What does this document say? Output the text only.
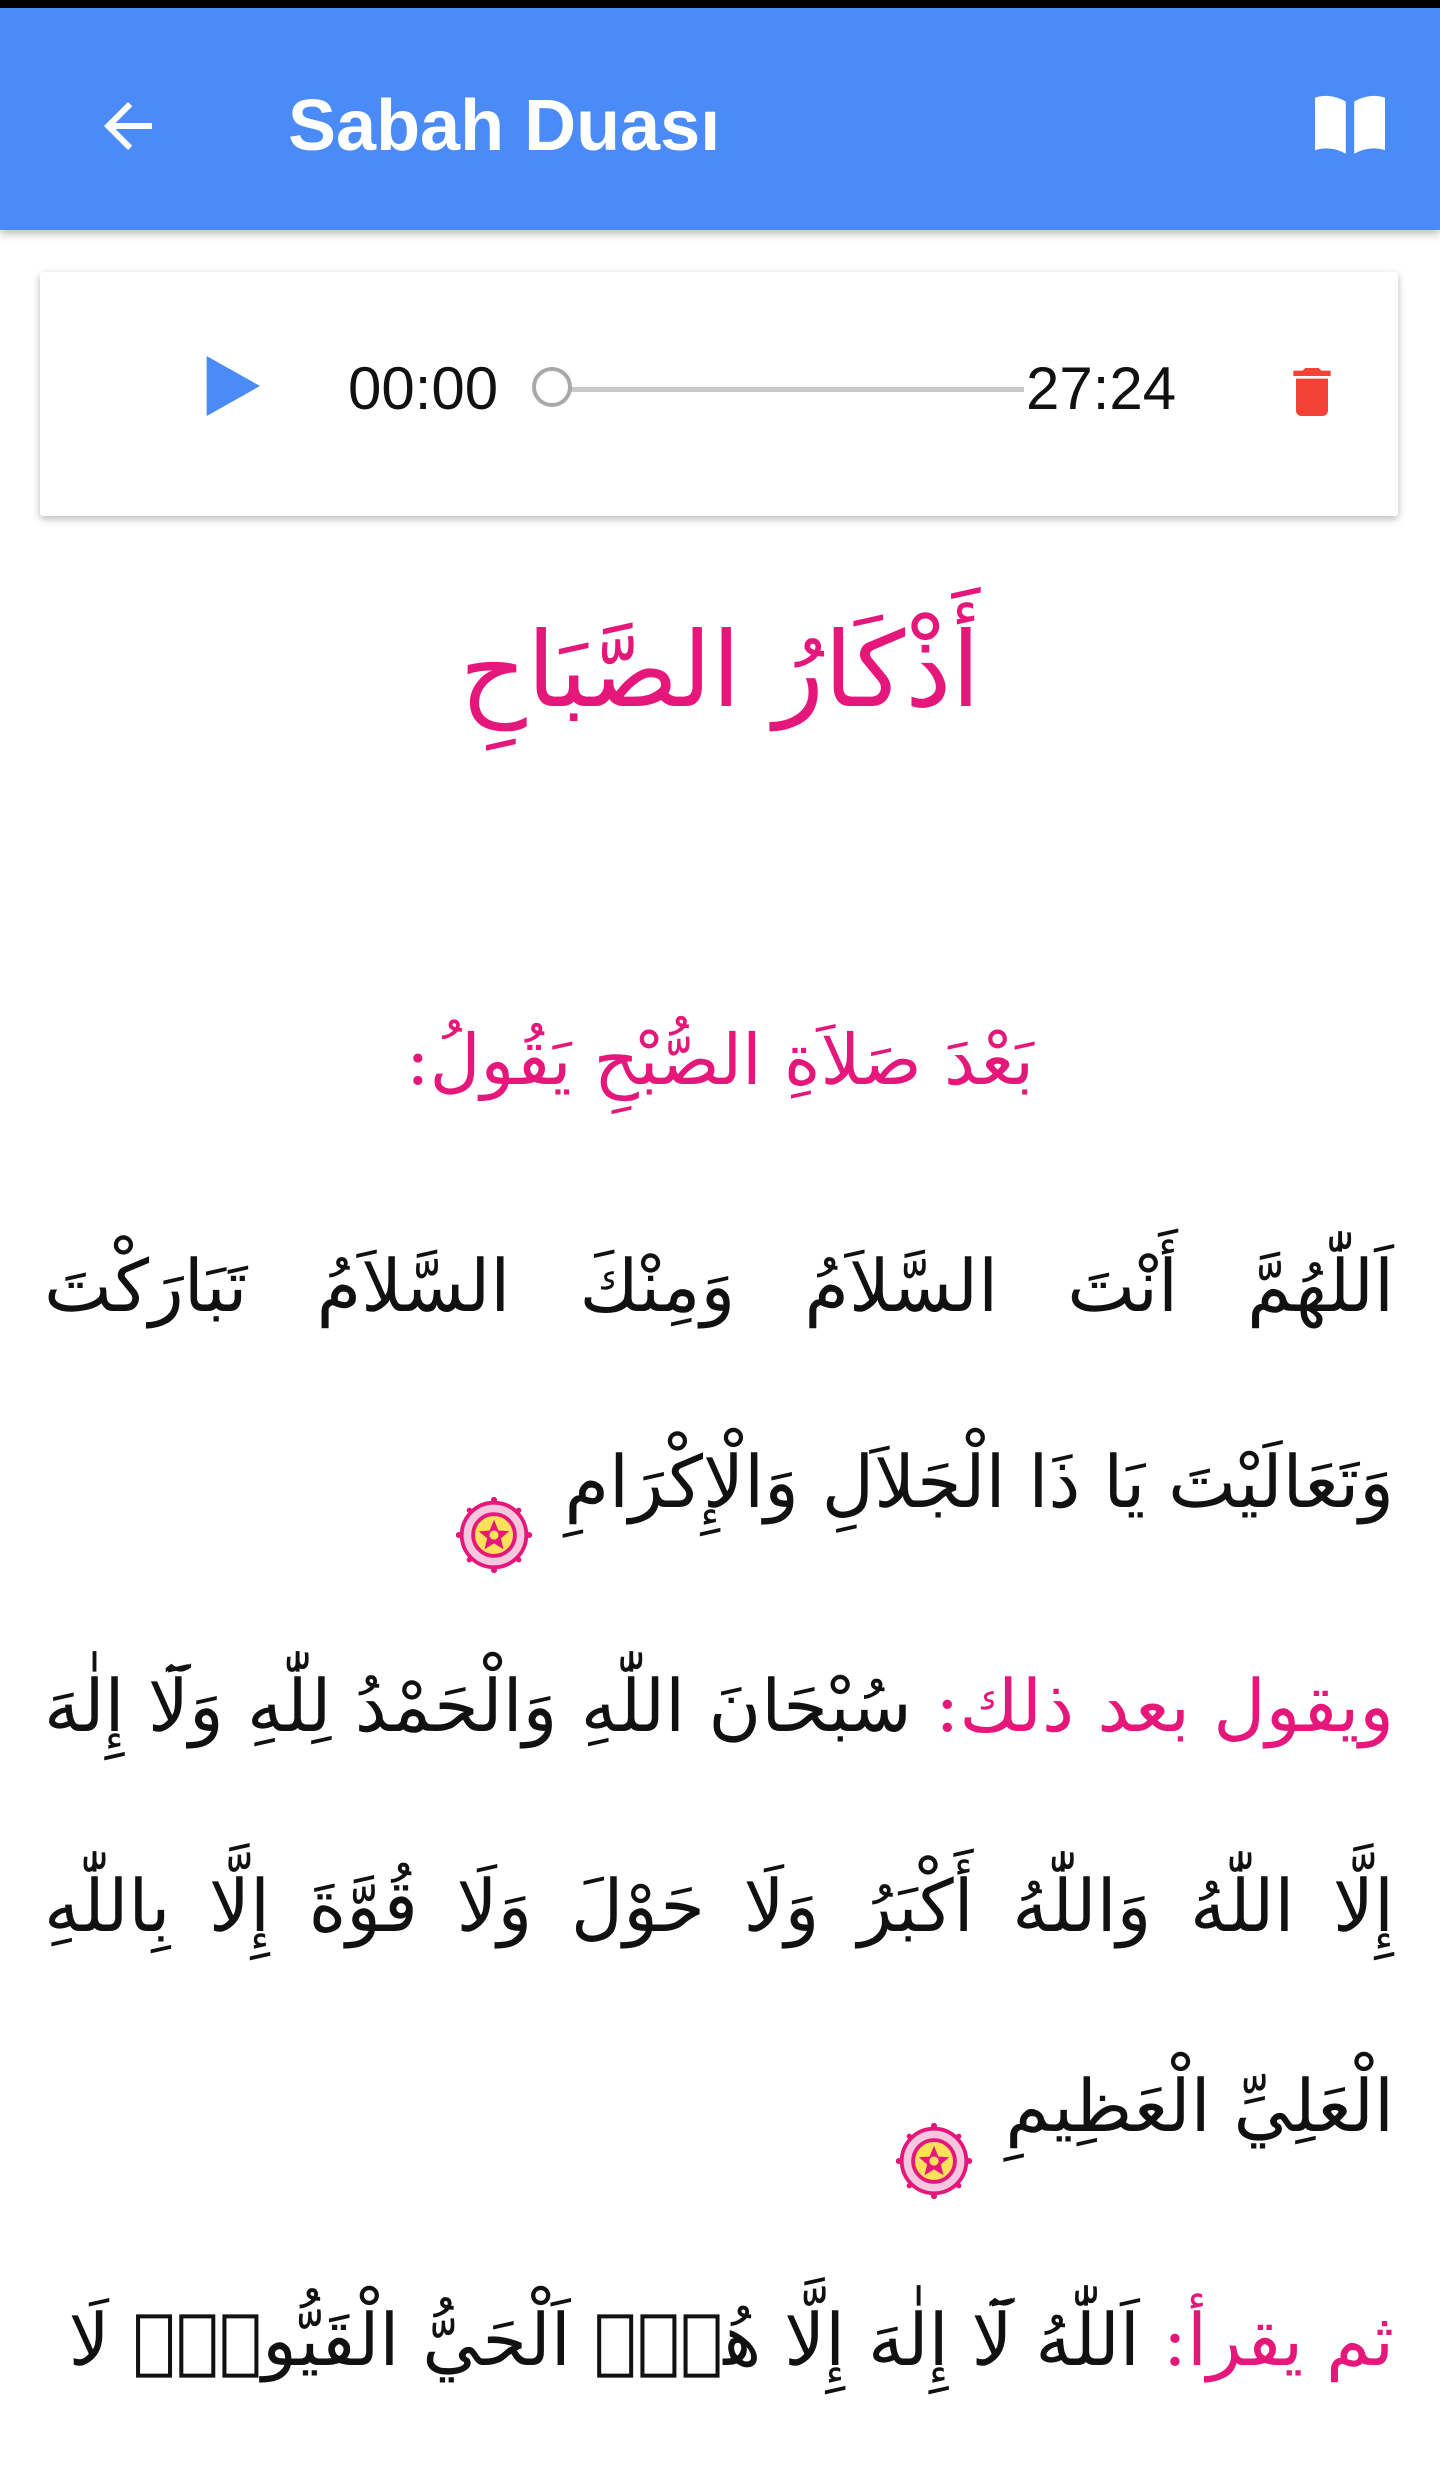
Sabah Duası
00:00	27:24
أَذْكَارُ الصَّبَاحِ
بَعْدَ صَلاَةِ الصُّبْحِ يَقُولُ:
اَللّٰهُمَّ أَنْتَ السَّلاَمُ وَمِنْكَ السَّلاَمُ تَبَارَكْتَ وَتَعَالَيْتَ يَا ذَا الْجَلاَلِ وَالْإِكْرَامِ
ويقول بعد ذلك: سُبْحَانَ اللّٰهِ وَالْحَمْدُ لِلّٰهِ وَلَٓا إِلٰهَ إِلَّا اللّٰهُ وَاللّٰهُ أَكْبَرُ وَلَا حَوْلَ وَلَا قُوَّةَ إِلَّا بِاللّٰهِ الْعَلِيِّ الْعَظِيمِ
ثم يقرأ: اَللّٰهُ لَٓا إِلٰهَ إِلَّا هُوَۚ اَلْحَيُّ الْقَيُّومُۚ لَا
